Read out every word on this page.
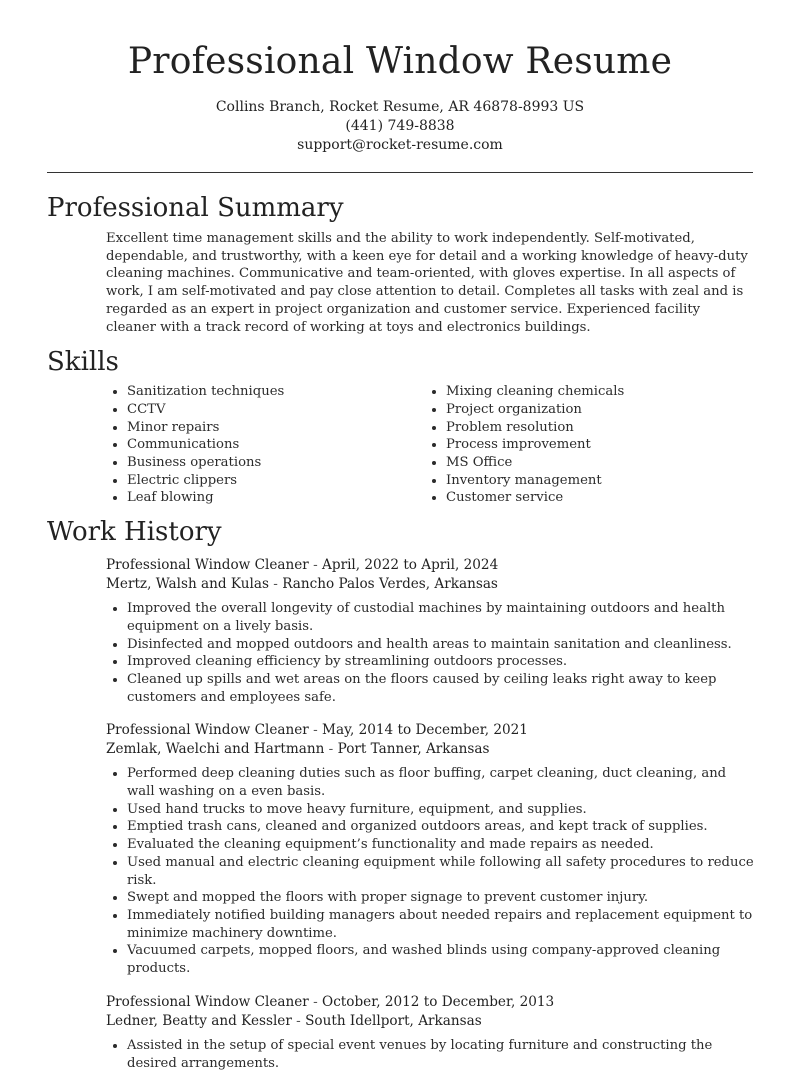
Professional Window Resume
Collins Branch, Rocket Resume, AR 46878-8993 US
(441) 749-8838
support@rocket-resume.com
Professional Summary

Excellent time management skills and the ability to work independently. Self-motivated, dependable, and trustworthy, with a keen eye for detail and a working knowledge of heavy-duty cleaning machines. Communicative and team-oriented, with gloves expertise. In all aspects of work, I am self-motivated and pay close attention to detail. Completes all tasks with zeal and is regarded as an expert in project organization and customer service. Experienced facility cleaner with a track record of working at toys and electronics buildings.

Skills
• Sanitization techniques
• CCTV
• Minor repairs
• Communications
• Business operations
• Electric clippers
• Leaf blowing
• Mixing cleaning chemicals
• Project organization
• Problem resolution
• Process improvement
• MS Office
• Inventory management
• Customer service
Work History
Professional Window Cleaner - April, 2022 to April, 2024
Mertz, Walsh and Kulas - Rancho Palos Verdes, Arkansas
• Improved the overall longevity of custodial machines by maintaining outdoors and health equipment on a lively basis.
• Disinfected and mopped outdoors and health areas to maintain sanitation and cleanliness.
• Improved cleaning efficiency by streamlining outdoors processes.
• Cleaned up spills and wet areas on the floors caused by ceiling leaks right away to keep customers and employees safe.
Professional Window Cleaner - May, 2014 to December, 2021
Zemlak, Waelchi and Hartmann - Port Tanner, Arkansas
• Performed deep cleaning duties such as floor buffing, carpet cleaning, duct cleaning, and wall washing on a even basis.
• Used hand trucks to move heavy furniture, equipment, and supplies.
• Emptied trash cans, cleaned and organized outdoors areas, and kept track of supplies.
• Evaluated the cleaning equipment’s functionality and made repairs as needed.
• Used manual and electric cleaning equipment while following all safety procedures to reduce risk.
• Swept and mopped the floors with proper signage to prevent customer injury.
• Immediately notified building managers about needed repairs and replacement equipment to minimize machinery downtime.
• Vacuumed carpets, mopped floors, and washed blinds using company-approved cleaning products.
Professional Window Cleaner - October, 2012 to December, 2013
Ledner, Beatty and Kessler - South Idellport, Arkansas
• Assisted in the setup of special event venues by locating furniture and constructing the desired arrangements.
